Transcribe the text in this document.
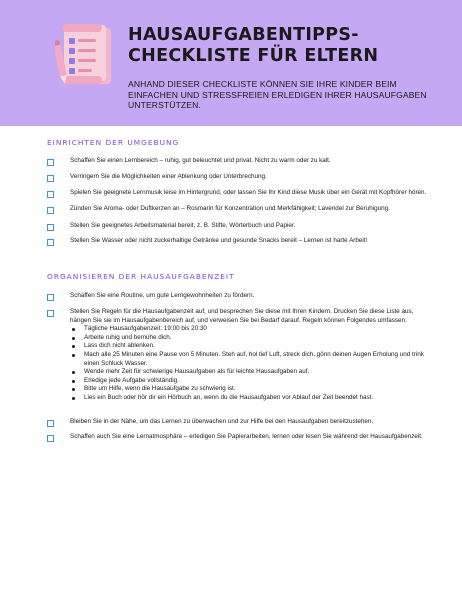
HAUSAUFGABENTIPPS-
CHECKLISTE FÜR ELTERN
ANHAND DIESER CHECKLISTE KÖNNEN SIE IHRE KINDER BEIM EINFACHEN UND STRESSFREIEN ERLEDIGEN IHRER HAUSAUFGABEN UNTERSTÜTZEN.
EINRICHTEN DER UMGEBUNG
Schaffen Sie einen Lernbereich – ruhig, gut beleuchtet und privat. Nicht zu warm oder zu kalt.
Verringern Sie die Möglichkeiten einer Ablenkung oder Unterbrechung.
Spielen Sie geeignete Lernmusik leise im Hintergrund, oder lassen Sie Ihr Kind diese Musik über ein Gerät mit Kopfhörer hören.
Zünden Sie Aroma- oder Duftkerzen an – Rosmarin für Konzentration und Merkfähigkeit; Lavendel zur Beruhigung.
Stellen Sie geeignetes Arbeitsmaterial bereit, z. B. Stifte, Wörterbuch und Papier.
Stellen Sie Wasser oder nicht zuckerhaltige Getränke und gesunde Snacks bereit – Lernen ist harte Arbeit!
ORGANISIEREN DER HAUSAUFGABENZEIT
Schaffen Sie eine Routine, um gute Lerngewohnheiten zu fördern.
Stellen Sie Regeln für die Hausaufgabenzeit auf, und besprechen Sie diese mit Ihren Kindern. Drucken Sie diese Liste aus, hängen Sie sie im Hausaufgabenbereich auf, und verweisen Sie bei Bedarf darauf. Regeln können Folgendes umfassen:
Tägliche Hausaufgabenzeit: 19:00 bis 20:30
Arbeite ruhig und bemühe dich.
Lass dich nicht ablenken.
Mach alle 25 Minuten eine Pause von 5 Minuten. Steh auf, hol tief Luft, streck dich, gönn deinen Augen Erholung und trink einen Schluck Wasser.
Wende mehr Zeit für schwierige Hausaufgaben als für leichte Hausaufgaben auf.
Erledige jede Aufgabe vollständig.
Bitte um Hilfe, wenn die Hausaufgabe zu schwierig ist.
Lies ein Buch oder hör dir ein Hörbuch an, wenn du die Hausaufgaben vor Ablauf der Zeit beendet hast.
Bleiben Sie in der Nähe, um das Lernen zu überwachen und zur Hilfe bei den Hausaufgaben bereitzustehen.
Schaffen auch Sie eine Lernatmosphäre – erledigen Sie Papierarbeiten, lernen oder lesen Sie während der Hausaufgabenzeit.
